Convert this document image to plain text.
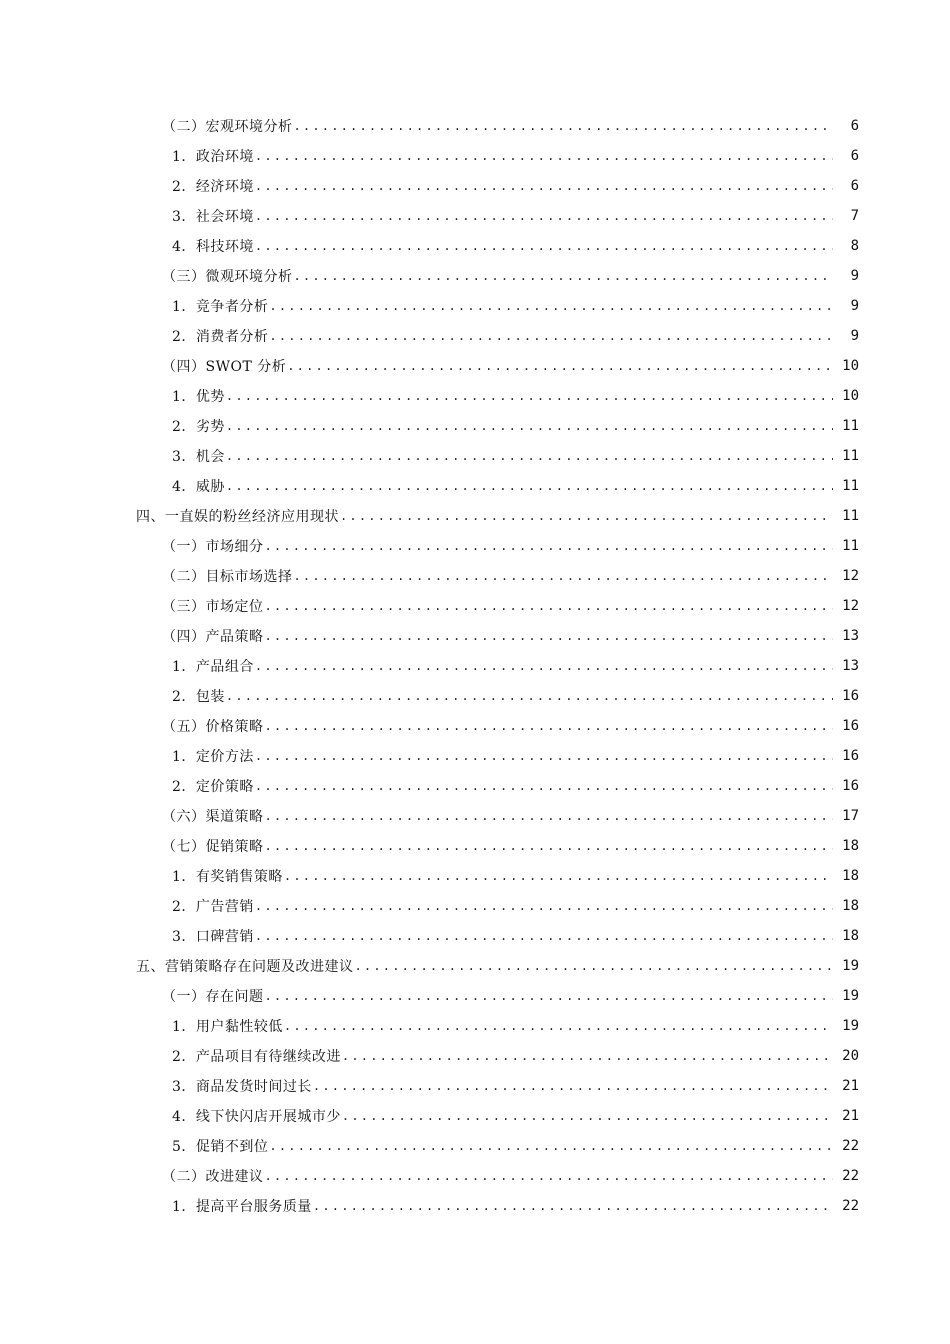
（二）宏观环境分析 .....	6
1．政治环境 .....	6
2．经济环境 .....	6
3．社会环境 .....	7
4．科技环境 .....	8
（三）微观环境分析 .....	9
1．竞争者分析 .....	9
2．消费者分析 .....	9
（四）SWOT 分析 .....	10
1．优势 .....	10
2．劣势 .....	11
3．机会 .....	11
4．威胁 .....	11
四、一直娱的粉丝经济应用现状 .....	11
（一）市场细分 .....	11
（二）目标市场选择 .....	12
（三）市场定位 .....	12
（四）产品策略 .....	13
1．产品组合 .....	13
2．包装 .....	16
（五）价格策略 .....	16
1．定价方法 .....	16
2．定价策略 .....	16
（六）渠道策略 .....	17
（七）促销策略 .....	18
1．有奖销售策略 .....	18
2．广告营销 .....	18
3．口碑营销 .....	18
五、营销策略存在问题及改进建议 .....	19
（一）存在问题 .....	19
1．用户黏性较低 .....	19
2．产品项目有待继续改进 .....	20
3．商品发货时间过长 .....	21
4．线下快闪店开展城市少 .....	21
5．促销不到位 .....	22
（二）改进建议 .....	22
1．提高平台服务质量 .....	22
